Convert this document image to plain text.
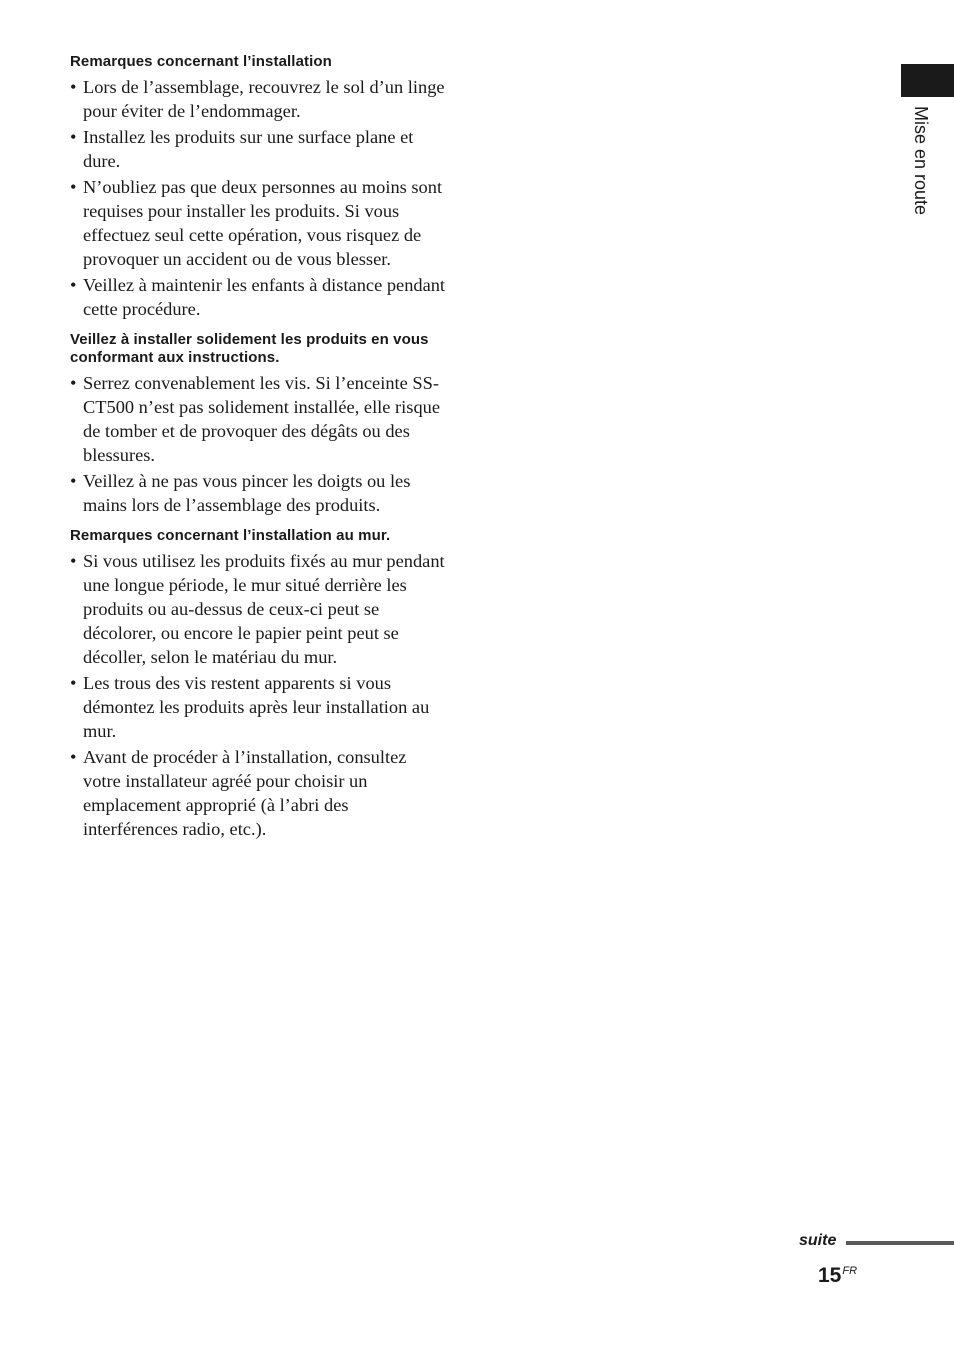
Remarques concernant l’installation
• Lors de l’assemblage, recouvrez le sol d’un linge pour éviter de l’endommager.
• Installez les produits sur une surface plane et dure.
• N’oubliez pas que deux personnes au moins sont requises pour installer les produits. Si vous effectuez seul cette opération, vous risquez de provoquer un accident ou de vous blesser.
• Veillez à maintenir les enfants à distance pendant cette procédure.
Veillez à installer solidement les produits en vous conformant aux instructions.
• Serrez convenablement les vis. Si l’enceinte SS-CT500 n’est pas solidement installée, elle risque de tomber et de provoquer des dégâts ou des blessures.
• Veillez à ne pas vous pincer les doigts ou les mains lors de l’assemblage des produits.
Remarques concernant l’installation au mur.
• Si vous utilisez les produits fixés au mur pendant une longue période, le mur situé derrière les produits ou au-dessus de ceux-ci peut se décolorer, ou encore le papier peint peut se décoller, selon le matériau du mur.
• Les trous des vis restent apparents si vous démontez les produits après leur installation au mur.
• Avant de procéder à l’installation, consultez votre installateur agréé pour choisir un emplacement approprié (à l’abri des interférences radio, etc.).
Mise en route
suite
$15^{FR}$
